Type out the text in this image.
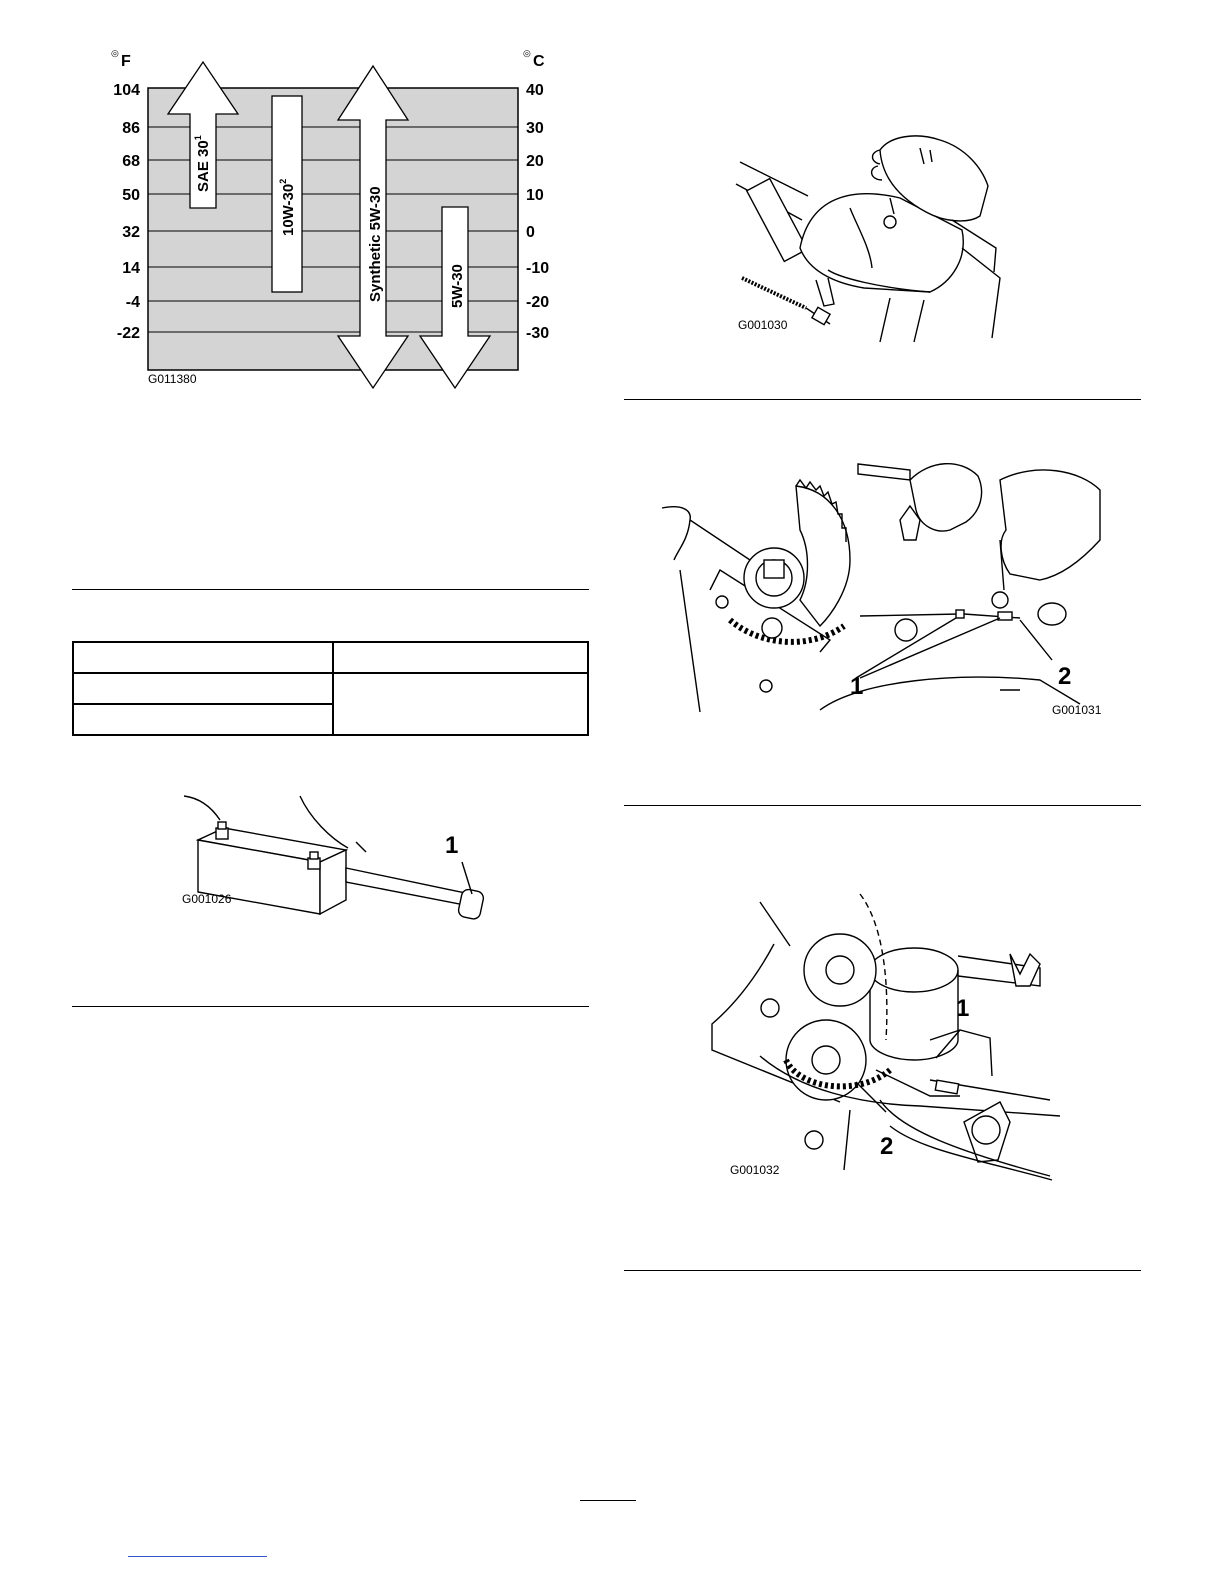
◎ F	◎ C
104
86
68
50
32
14
-4
-22
40
30
20
10
0
-10
-20
-30
SAE $30^1$
$10W-30^2$
Synthetic 5W-30	5W-30
G011380

1
G001026
G001030
1	2
G001031
1
2
G001032
